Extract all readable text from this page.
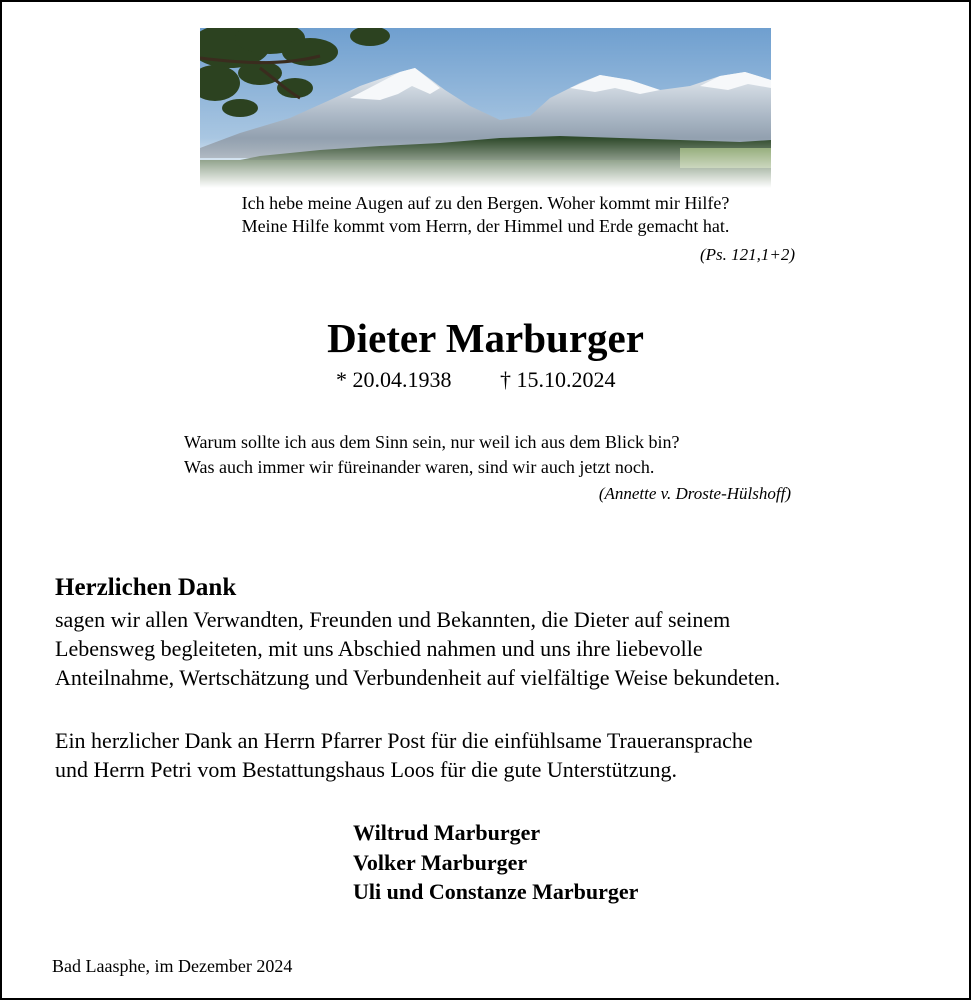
Ich hebe meine Augen auf zu den Bergen. Woher kommt mir Hilfe?

Meine Hilfe kommt vom Herrn, der Himmel und Erde gemacht hat.

(Ps. 121,1+2)

Dieter Marburger

* 20.04.1938 † 15.10.2024

Warum sollte ich aus dem Sinn sein, nur weil ich aus dem Blick bin?

Was auch immer wir füreinander waren, sind wir auch jetzt noch.

(Annette v. Droste-Hülshoff)

Herzlichen Dank

sagen wir allen Verwandten, Freunden und Bekannten, die Dieter auf seinem
Lebensweg begleiteten, mit uns Abschied nahmen und uns ihre liebevolle
Anteilnahme, Wertschätzung und Verbundenheit auf vielfältige Weise bekundeten.
Ein herzlicher Dank an Herrn Pfarrer Post für die einfühlsame Traueransprache
und Herrn Petri vom Bestattungshaus Loos für die gute Unterstützung.
Wiltrud Marburger
Volker Marburger
Uli und Constanze Marburger

Bad Laasphe, im Dezember 2024
